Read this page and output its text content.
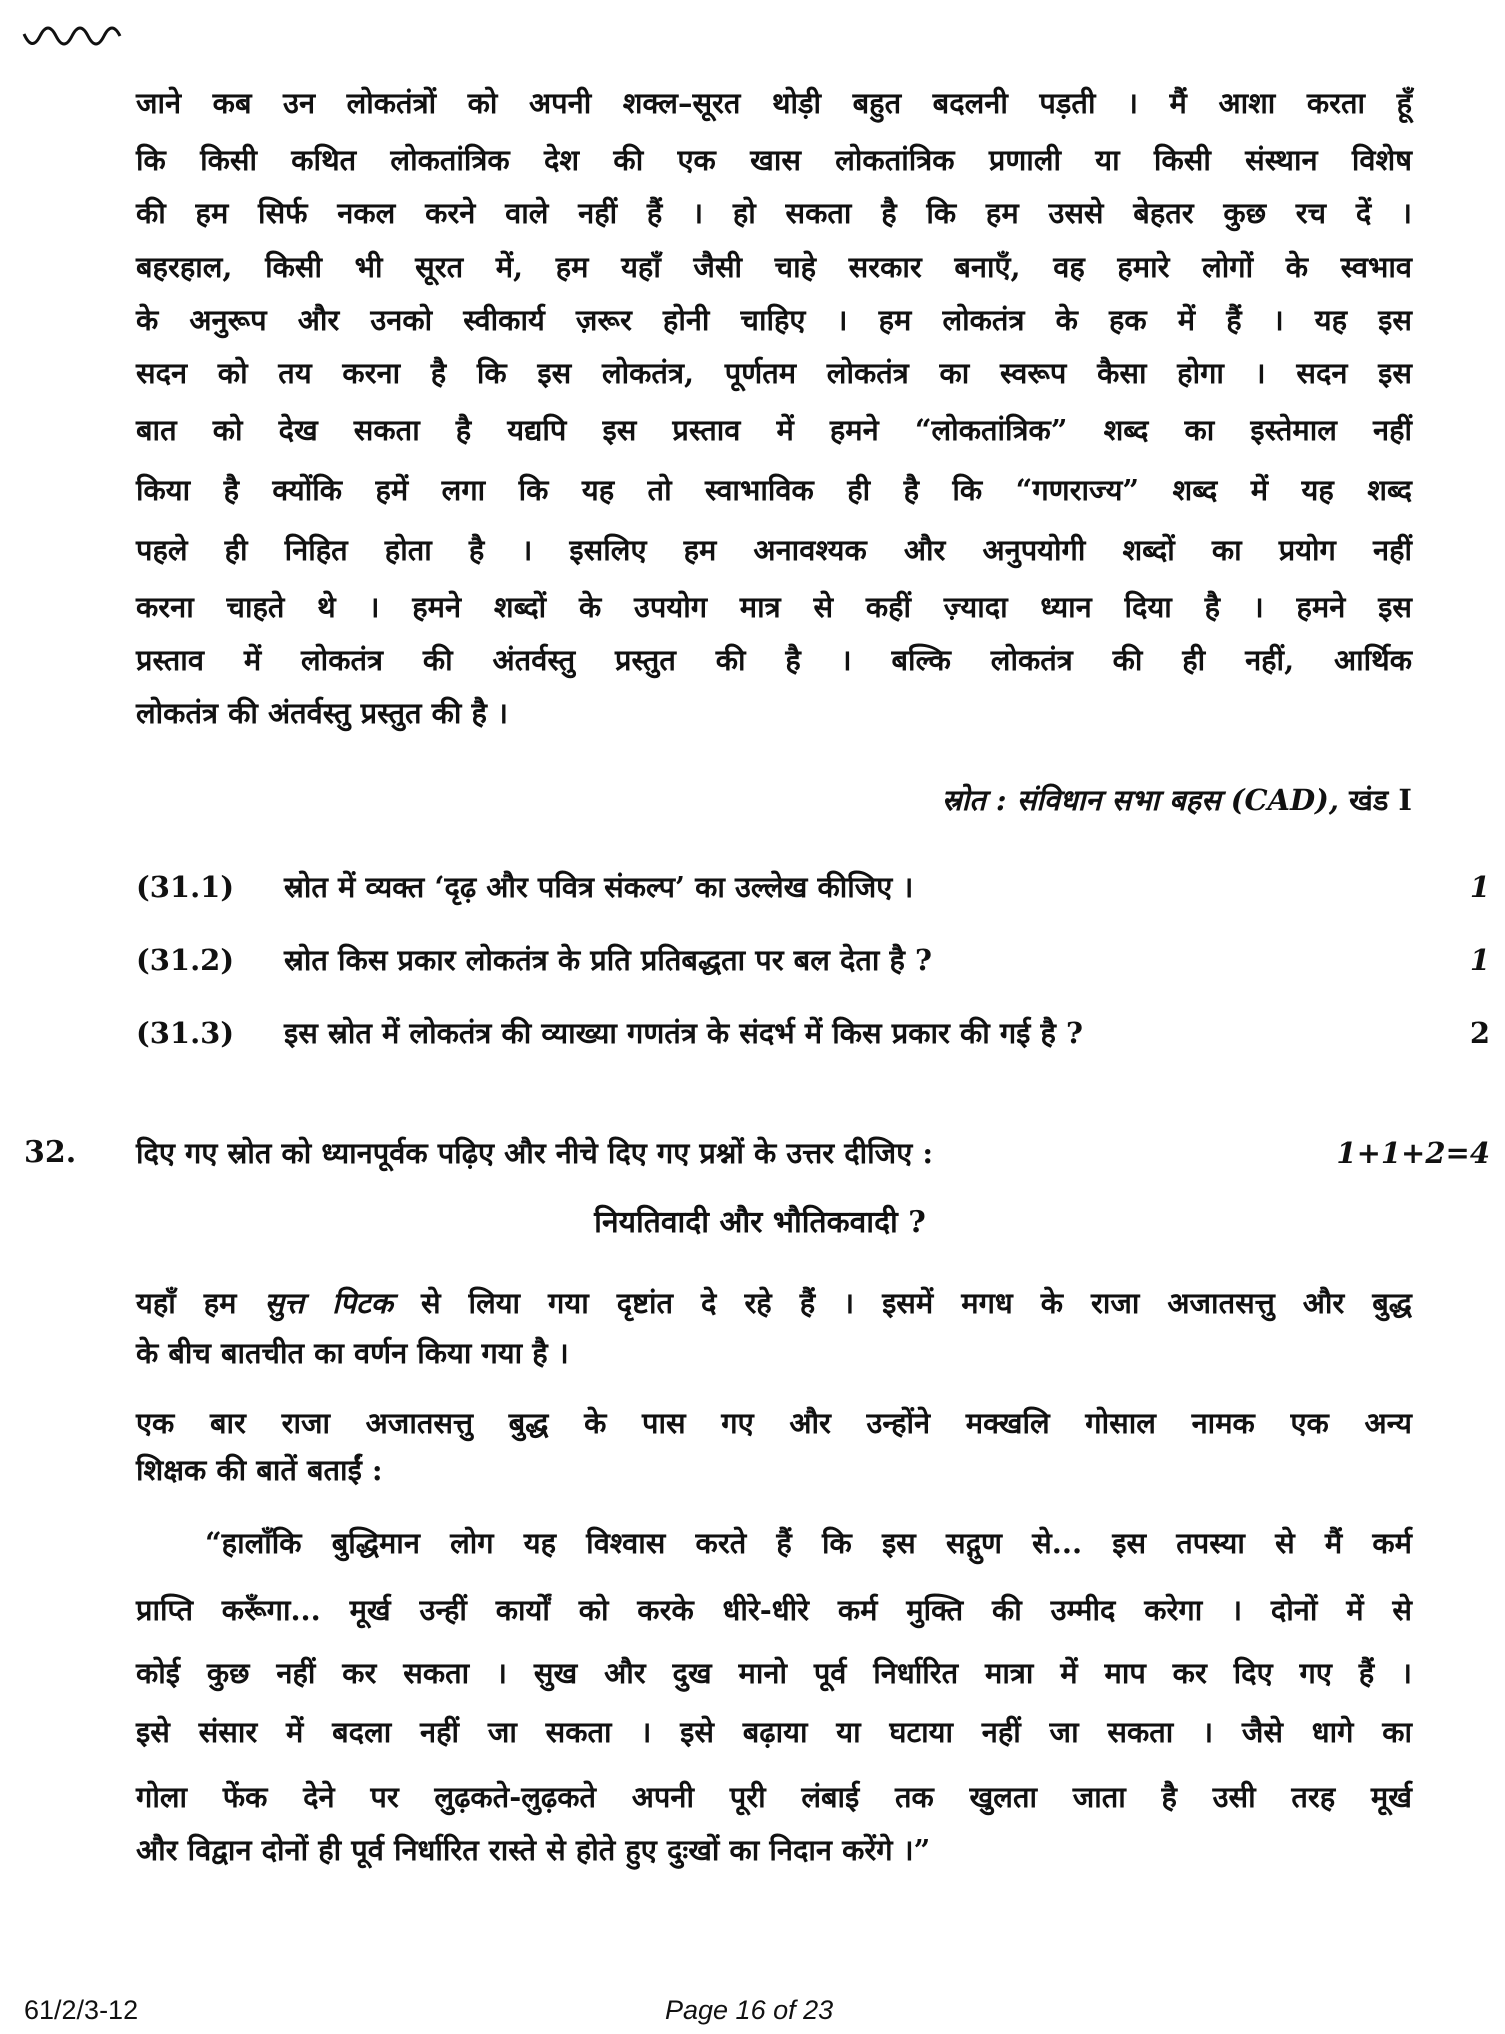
जाने कब उन लोकतंत्रों को अपनी शक्ल–सूरत थोड़ी बहुत बदलनी पड़ती । मैं आशा करता हूँ
कि किसी कथित लोकतांत्रिक देश की एक खास लोकतांत्रिक प्रणाली या किसी संस्थान विशेष
की हम सिर्फ नकल करने वाले नहीं हैं । हो सकता है कि हम उससे बेहतर कुछ रच दें ।
बहरहाल, किसी भी सूरत में, हम यहाँ जैसी चाहे सरकार बनाएँ, वह हमारे लोगों के स्वभाव
के अनुरूप और उनको स्वीकार्य ज़रूर होनी चाहिए । हम लोकतंत्र के हक में हैं । यह इस
सदन को तय करना है कि इस लोकतंत्र, पूर्णतम लोकतंत्र का स्वरूप कैसा होगा । सदन इस
बात को देख सकता है यद्यपि इस प्रस्ताव में हमने “लोकतांत्रिक” शब्द का इस्तेमाल नहीं
किया है क्योंकि हमें लगा कि यह तो स्वाभाविक ही है कि “गणराज्य” शब्द में यह शब्द
पहले ही निहित होता है । इसलिए हम अनावश्यक और अनुपयोगी शब्दों का प्रयोग नहीं
करना चाहते थे । हमने शब्दों के उपयोग मात्र से कहीं ज़्यादा ध्यान दिया है । हमने इस
प्रस्ताव में लोकतंत्र की अंतर्वस्तु प्रस्तुत की है । बल्कि लोकतंत्र की ही नहीं, आर्थिक
लोकतंत्र की अंतर्वस्तु प्रस्तुत की है ।
स्रोत : संविधान सभा बहस (CAD), खंड I
(31.1) स्रोत में व्यक्त ‘दृढ़ और पवित्र संकल्प’ का उल्लेख कीजिए ।	1
(31.2) स्रोत किस प्रकार लोकतंत्र के प्रति प्रतिबद्धता पर बल देता है ?	1
(31.3) इस स्रोत में लोकतंत्र की व्याख्या गणतंत्र के संदर्भ में किस प्रकार की गई है ?	2
32. दिए गए स्रोत को ध्यानपूर्वक पढ़िए और नीचे दिए गए प्रश्नों के उत्तर दीजिए :	1+1+2=4
नियतिवादी और भौतिकवादी ?
यहाँ हम सुत्त पिटक से लिया गया दृष्टांत दे रहे हैं । इसमें मगध के राजा अजातसत्तु और बुद्ध
के बीच बातचीत का वर्णन किया गया है ।
एक बार राजा अजातसत्तु बुद्ध के पास गए और उन्होंने मक्खलि गोसाल नामक एक अन्य
शिक्षक की बातें बताईं :
“हालाँकि बुद्धिमान लोग यह विश्वास करते हैं कि इस सद्गुण से... इस तपस्या से मैं कर्म
प्राप्ति करूँगा... मूर्ख उन्हीं कार्यों को करके धीरे-धीरे कर्म मुक्ति की उम्मीद करेगा । दोनों में से
कोई कुछ नहीं कर सकता । सुख और दुख मानो पूर्व निर्धारित मात्रा में माप कर दिए गए हैं ।
इसे संसार में बदला नहीं जा सकता । इसे बढ़ाया या घटाया नहीं जा सकता । जैसे धागे का
गोला फेंक देने पर लुढ़कते-लुढ़कते अपनी पूरी लंबाई तक खुलता जाता है उसी तरह मूर्ख
और विद्वान दोनों ही पूर्व निर्धारित रास्ते से होते हुए दुःखों का निदान करेंगे ।”
61/2/3-12	Page 16 of 23
